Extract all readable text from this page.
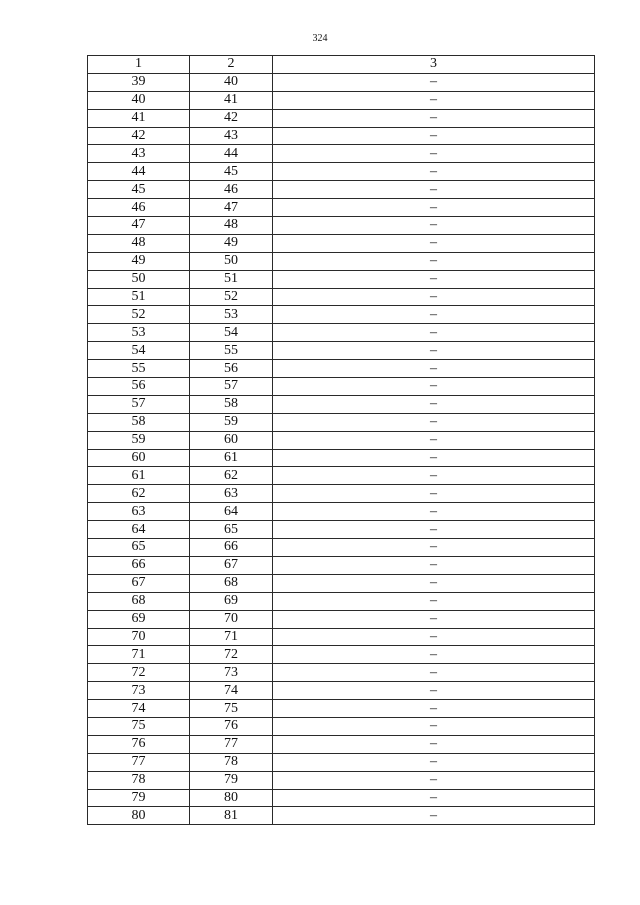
324
1	2	3
39	40	–
40	41	–
41	42	–
42	43	–
43	44	–
44	45	–
45	46	–
46	47	–
47	48	–
48	49	–
49	50	–
50	51	–
51	52	–
52	53	–
53	54	–
54	55	–
55	56	–
56	57	–
57	58	–
58	59	–
59	60	–
60	61	–
61	62	–
62	63	–
63	64	–
64	65	–
65	66	–
66	67	–
67	68	–
68	69	–
69	70	–
70	71	–
71	72	–
72	73	–
73	74	–
74	75	–
75	76	–
76	77	–
77	78	–
78	79	–
79	80	–
80	81	–
